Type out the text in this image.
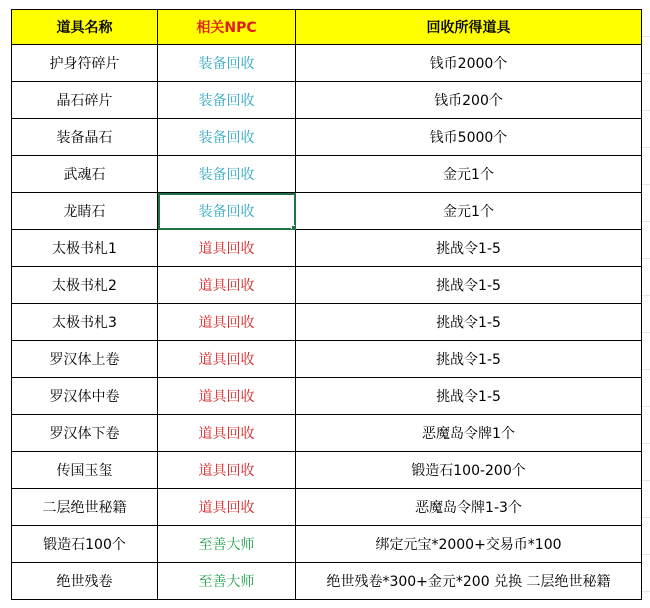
道具名称	相关NPC	回收所得道具
护身符碎片	装备回收	钱币2000个
晶石碎片	装备回收	钱币200个
装备晶石	装备回收	钱币5000个
武魂石	装备回收	金元1个
龙睛石	装备回收	金元1个
太极书札1	道具回收	挑战令1-5
太极书札2	道具回收	挑战令1-5
太极书札3	道具回收	挑战令1-5
罗汉体上卷	道具回收	挑战令1-5
罗汉体中卷	道具回收	挑战令1-5
罗汉体下卷	道具回收	恶魔岛令牌1个
传国玉玺	道具回收	锻造石100-200个
二层绝世秘籍	道具回收	恶魔岛令牌1-3个
锻造石100个	至善大师	绑定元宝*2000+交易币*100
绝世残卷	至善大师	绝世残卷*300+金元*200 兑换 二层绝世秘籍
